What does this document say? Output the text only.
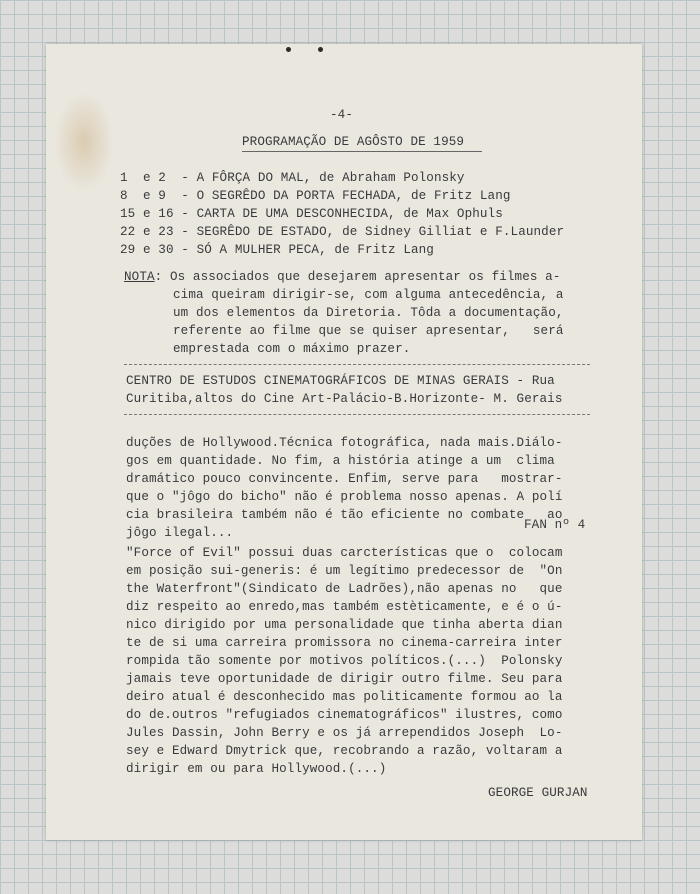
-4-
PROGRAMAÇÃO DE AGÔSTO DE 1959
1  e 2  - A FÔRÇA DO MAL, de Abraham Polonsky
8  e 9  - O SEGRÊDO DA PORTA FECHADA, de Fritz Lang
15 e 16 - CARTA DE UMA DESCONHECIDA, de Max Ophuls
22 e 23 - SEGRÊDO DE ESTADO, de Sidney Gilliat e F.Launder
29 e 30 - SÓ A MULHER PECA, de Fritz Lang
NOTA: Os associados que desejarem apresentar os filmes a-
cima queiram dirigir-se, com alguma antecedência, a
um dos elementos da Diretoria. Tôda a documentação,
referente ao filme que se quiser apresentar,   será
emprestada com o máximo prazer.
CENTRO DE ESTUDOS CINEMATOGRÁFICOS DE MINAS GERAIS - Rua
Curitiba,altos do Cine Art-Palácio-B.Horizonte- M. Gerais
duções de Hollywood.Técnica fotográfica, nada mais.Diálo-
gos em quantidade. No fim, a história atinge a um  clima
dramático pouco convincente. Enfim, serve para   mostrar-
que o "jôgo do bicho" não é problema nosso apenas. A polí
cia brasileira também não é tão eficiente no combate   ao
jôgo ilegal...
FAN nº 4
"Force of Evil" possui duas carcterísticas que o  colocam
em posição sui-generis: é um legítimo predecessor de  "On
the Waterfront"(Sindicato de Ladrões),não apenas no   que
diz respeito ao enredo,mas também estèticamente, e é o ú-
nico dirigido por uma personalidade que tinha aberta dian
te de si uma carreira promissora no cinema-carreira inter
rompida tão somente por motivos políticos.(...)  Polonsky
jamais teve oportunidade de dirigir outro filme. Seu para
deiro atual é desconhecido mas politicamente formou ao la
do de.outros "refugiados cinematográficos" ilustres, como
Jules Dassin, John Berry e os já arrependidos Joseph  Lo-
sey e Edward Dmytrick que, recobrando a razão, voltaram a
dirigir em ou para Hollywood.(...)
GEORGE GURJAN
